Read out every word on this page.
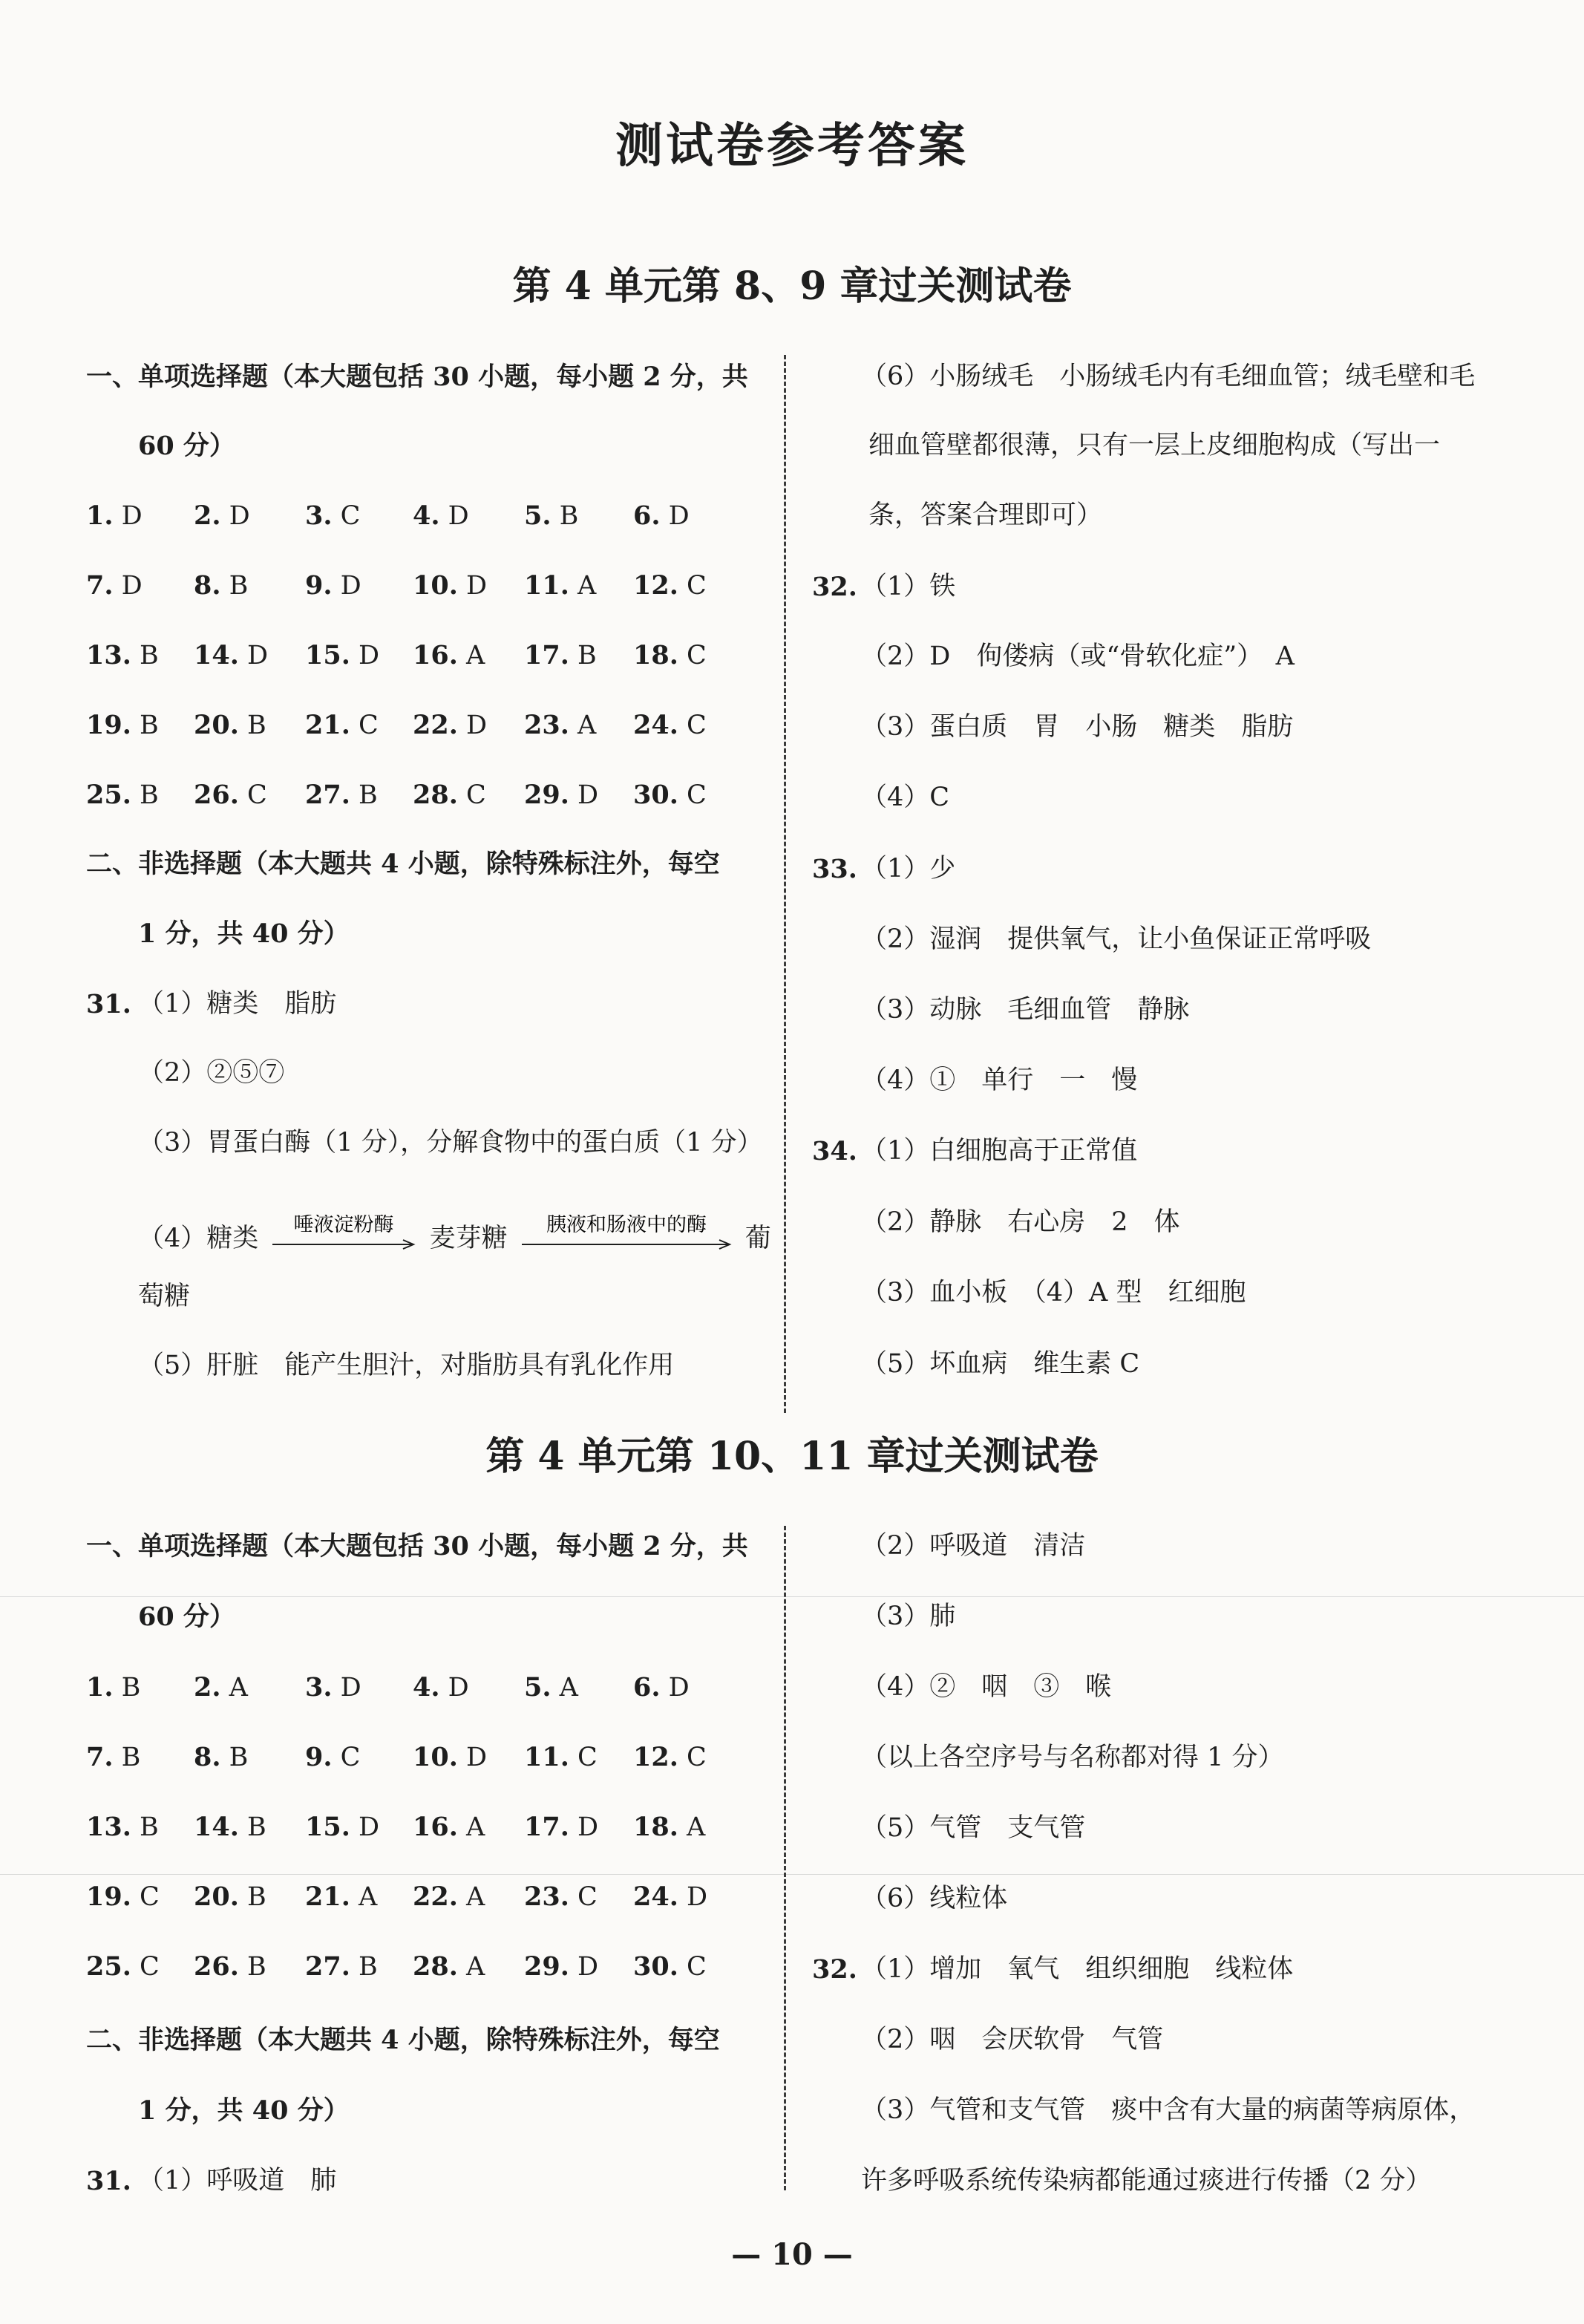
测试卷参考答案
第 4 单元第 8、9 章过关测试卷
一、单项选择题（本大题包括 30 小题，每小题 2 分，共
60 分）
1. D 2. D 3. C 4. D 5. B 6. D
7. D 8. B 9. D 10. D 11. A 12. C
13. B 14. D 15. D 16. A 17. B 18. C
19. B 20. B 21. C 22. D 23. A 24. C
25. B 26. C 27. B 28. C 29. D 30. C
二、非选择题（本大题共 4 小题，除特殊标注外，每空
1 分，共 40 分）
31. （1）糖类　脂肪
（2）②⑤⑦
（3）胃蛋白酶（1 分），分解食物中的蛋白质（1 分）
（4）糖类 唾液淀粉酶 麦芽糖 胰液和肠液中的酶 葡
萄糖
（5）肝脏　能产生胆汁，对脂肪具有乳化作用
（6）小肠绒毛　小肠绒毛内有毛细血管；绒毛壁和毛
细血管壁都很薄，只有一层上皮细胞构成（写出一
条，答案合理即可）
32. （1）铁
（2）D　佝偻病（或“骨软化症”）　A
（3）蛋白质　胃　小肠　糖类　脂肪
（4）C
33. （1）少
（2）湿润　提供氧气，让小鱼保证正常呼吸
（3）动脉　毛细血管　静脉
（4）①　单行　一　慢
34. （1）白细胞高于正常值
（2）静脉　右心房　2　体
（3）血小板　（4）A 型　红细胞
（5）坏血病　维生素 C
第 4 单元第 10、11 章过关测试卷
一、单项选择题（本大题包括 30 小题，每小题 2 分，共
60 分）
1. B 2. A 3. D 4. D 5. A 6. D
7. B 8. B 9. C 10. D 11. C 12. C
13. B 14. B 15. D 16. A 17. D 18. A
19. C 20. B 21. A 22. A 23. C 24. D
25. C 26. B 27. B 28. A 29. D 30. C
二、非选择题（本大题共 4 小题，除特殊标注外，每空
1 分，共 40 分）
31. （1）呼吸道　肺
（2）呼吸道　清洁
（3）肺
（4）②　咽　③　喉
（以上各空序号与名称都对得 1 分）
（5）气管　支气管
（6）线粒体
32. （1）增加　氧气　组织细胞　线粒体
（2）咽　会厌软骨　气管
（3）气管和支气管　痰中含有大量的病菌等病原体，
许多呼吸系统传染病都能通过痰进行传播（2 分）
— 10 —
